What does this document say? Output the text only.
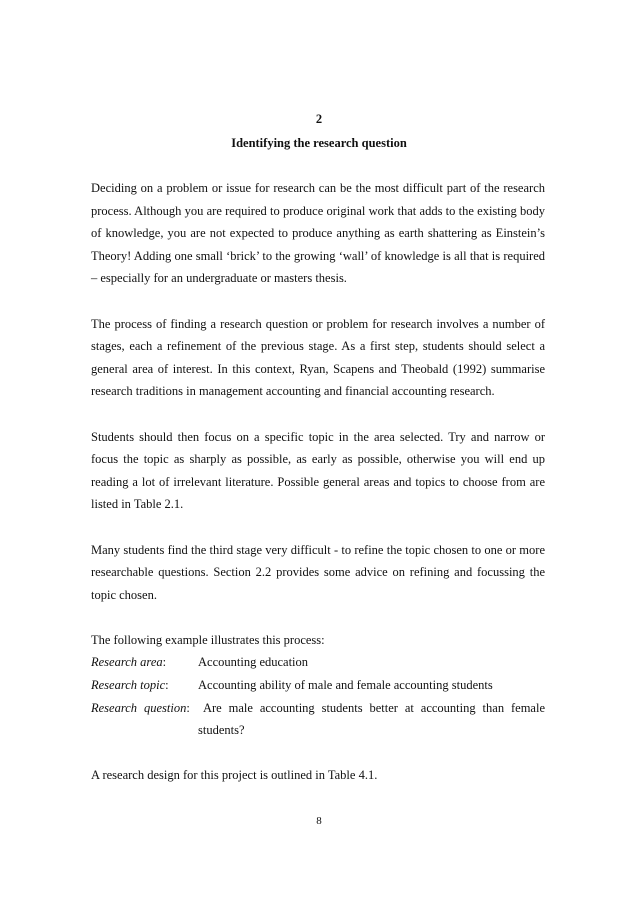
2
Identifying the research question

Deciding on a problem or issue for research can be the most difficult part of the research process. Although you are required to produce original work that adds to the existing body of knowledge, you are not expected to produce anything as earth shattering as Einstein’s Theory! Adding one small ‘brick’ to the growing ‘wall’ of knowledge is all that is required – especially for an undergraduate or masters thesis.

The process of finding a research question or problem for research involves a number of stages, each a refinement of the previous stage. As a first step, students should select a general area of interest. In this context, Ryan, Scapens and Theobald (1992) summarise research traditions in management accounting and financial accounting research.

Students should then focus on a specific topic in the area selected. Try and narrow or focus the topic as sharply as possible, as early as possible, otherwise you will end up reading a lot of irrelevant literature. Possible general areas and topics to choose from are listed in Table 2.1.

Many students find the third stage very difficult - to refine the topic chosen to one or more researchable questions. Section 2.2 provides some advice on refining and focussing the topic chosen.

The following example illustrates this process:

Research area:	Accounting education
Research topic:	Accounting ability of male and female accounting students

Research question:  Are male accounting students better at accounting than female

students?

A research design for this project is outlined in Table 4.1.

8
